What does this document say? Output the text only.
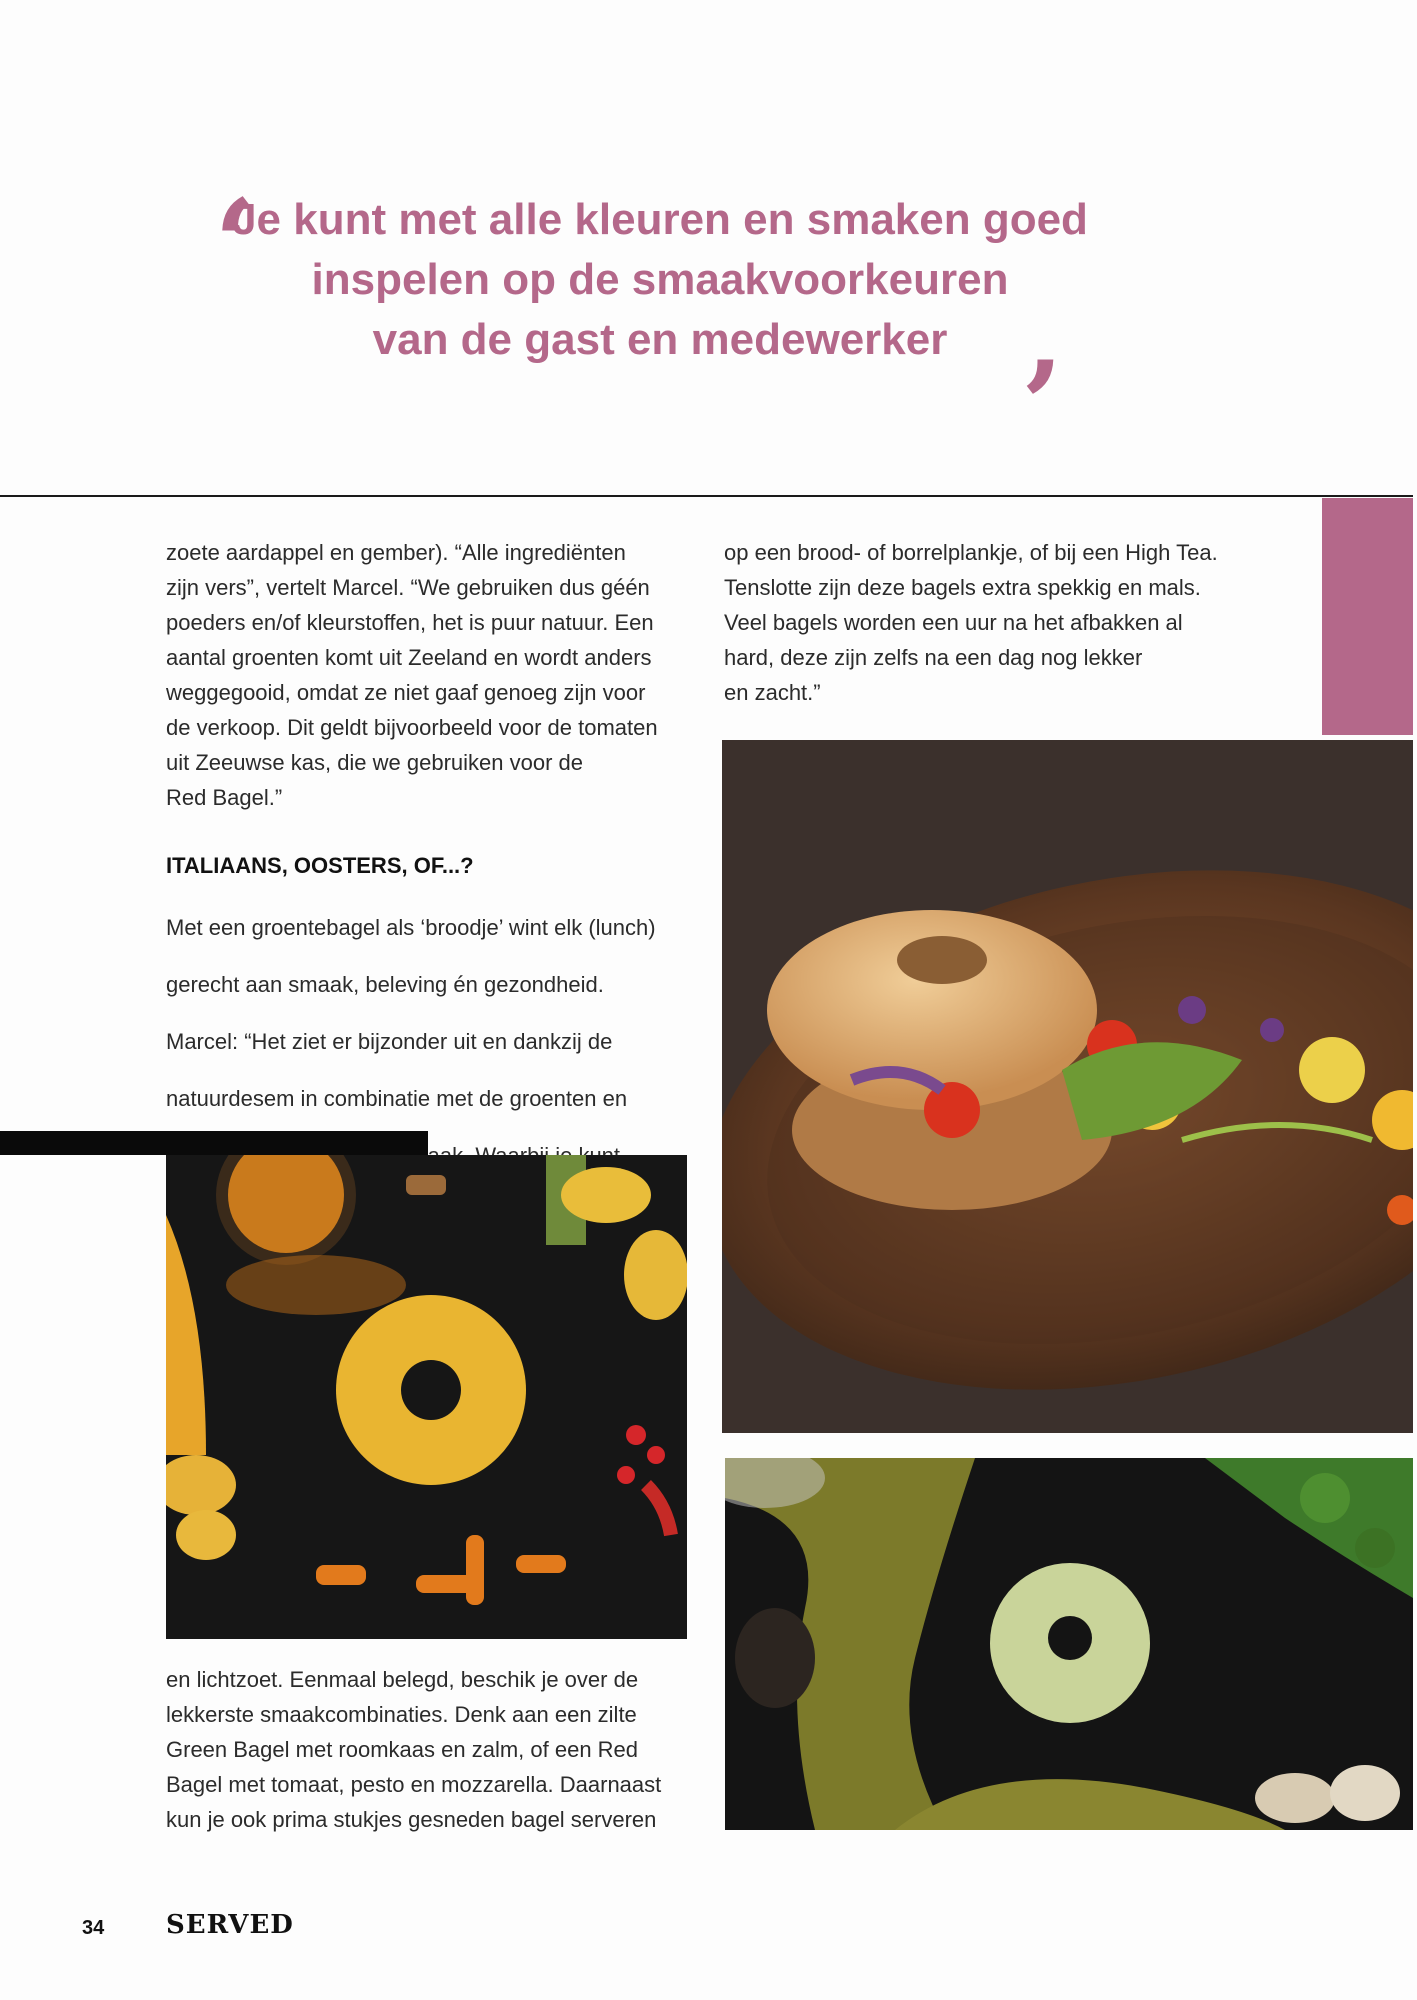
‘
Je kunt met alle kleuren en smaken goed
inspelen op de smaakvoorkeuren
van de gast en medewerker ’

zoete aardappel en gember). “Alle ingrediënten

zijn vers”, vertelt Marcel. “We gebruiken dus géén

poeders en/of kleurstoffen, het is puur natuur. Een

aantal groenten komt uit Zeeland en wordt anders

weggegooid, omdat ze niet gaaf genoeg zijn voor

de verkoop. Dit geldt bijvoorbeeld voor de tomaten

uit Zeeuwse kas, die we gebruiken voor de

Red Bagel.”

ITALIAANS, OOSTERS, OF...?

Met een groentebagel als ‘broodje’ wint elk (lunch)

gerecht aan smaak, beleving én gezondheid.

Marcel: “Het ziet er bijzonder uit en dankzij de

natuurdesem in combinatie met de groenten en

en lichtzoet. Eenmaal belegd, beschik je over de

lekkerste smaakcombinaties. Denk aan een zilte

Green Bagel met roomkaas en zalm, of een Red

Bagel met tomaat, pesto en mozzarella. Daarnaast

kun je ook prima stukjes gesneden bagel serveren

op een brood- of borrelplankje, of bij een High Tea.

Tenslotte zijn deze bagels extra spekkig en mals.

Veel bagels worden een uur na het afbakken al

hard, deze zijn zelfs na een dag nog lekker

en zacht.”

34 SERVED
